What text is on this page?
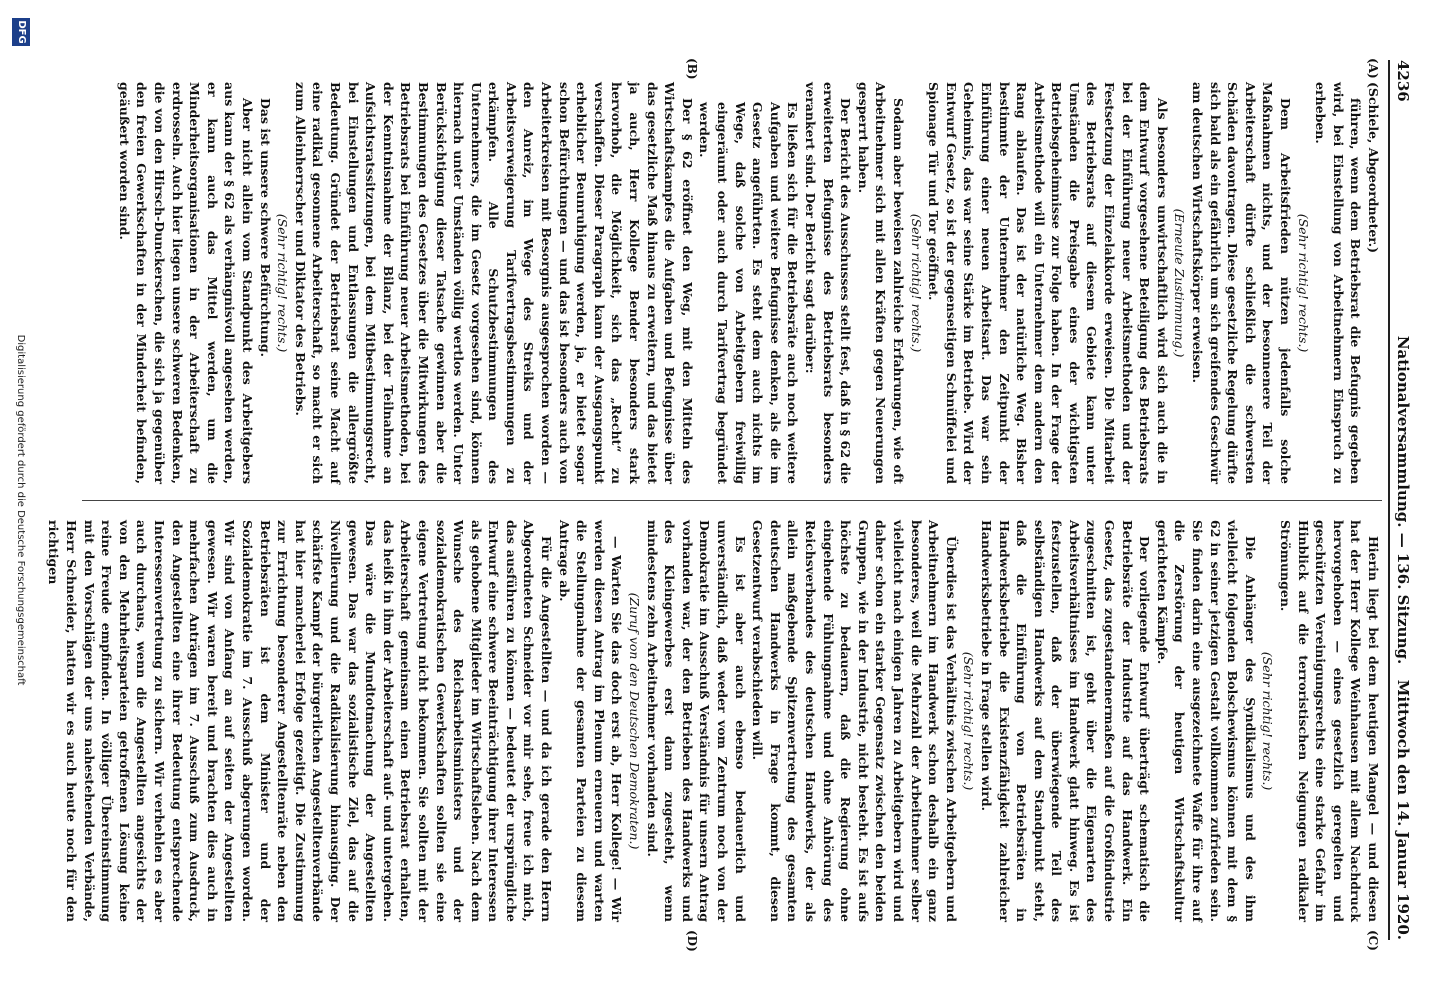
4236
Nationalversammlung. — 136. Sitzung.
Mittwoch den 14. Januar 1920.
(A)
(B)
(C)
(D)

(Schiele, Abgeordneter.)

führen, wenn dem Betriebsrat die Befugnis gegeben wird, bei Einstellung von Arbeitnehmern Einspruch zu erheben.

(Sehr richtig! rechts.)

Dem Arbeitsfrieden nützen jedenfalls solche Maßnahmen nichts, und der besonnenere Teil der Arbeiterschaft dürfte schließlich die schwersten Schäden davontragen. Diese gesetzliche Regelung dürfte sich bald als ein gefährlich um sich greifendes Geschwür am deutschen Wirtschaftskörper erweisen.

(Erneute Zustimmung.)

Als besonders unwirtschaftlich wird sich auch die in dem Entwurf vorgesehene Beteiligung des Betriebsrats bei der Einführung neuer Arbeitsmethoden und der Festsetzung der Einzelakkorde erweisen. Die Mitarbeit des Betriebsrats auf diesem Gebiete kann unter Umständen die Preisgabe eines der wichtigsten Betriebsgeheimnisse zur Folge haben. In der Frage der Arbeitsmethode will ein Unternehmer dem andern den Rang ablaufen. Das ist der natürliche Weg. Bisher bestimmte der Unternehmer den Zeitpunkt der Einführung einer neuen Arbeitsart. Das war sein Geheimnis, das war seine Stärke im Betriebe. Wird der Entwurf Gesetz, so ist der gegenseitigen Schnüffelei und Spionage Tür und Tor geöffnet.

(Sehr richtig! rechts.)

Sodann aber beweisen zahlreiche Erfahrungen, wie oft Arbeitnehmer sich mit allen Kräften gegen Neuerungen gesperrt haben.

Der Bericht des Ausschusses stellt fest, daß in § 62 die erweiterten Befugnisse des Betriebsrats besonders verankert sind. Der Bericht sagt darüber:

Es ließen sich für die Betriebsräte auch noch weitere Aufgaben und weitere Befugnisse denken, als die im Gesetz angeführten. Es steht dem auch nichts im Wege, daß solche von Arbeitgebern freiwillig eingeräumt oder auch durch Tarifvertrag begründet werden.

Der § 62 eröffnet den Weg, mit den Mitteln des Wirtschaftskampfes die Aufgaben und Befugnisse über das gesetzliche Maß hinaus zu erweitern, und das bietet ja auch, Herr Kollege Bender besonders stark hervorhob, die Möglichkeit, sich das „Recht“ zu verschaffen. Dieser Paragraph kann der Ausgangspunkt erheblicher Beunruhigung werden, ja, er bietet sogar schon Befürchtungen — und das ist besonders auch von Arbeiterkreisen mit Besorgnis ausgesprochen worden — den Anreiz, im Wege des Streiks und der Arbeitsverweigerung Tarifvertragsbestimmungen zu erkämpfen. Alle Schutzbestimmungen des Unternehmers, die im Gesetz vorgesehen sind, können hiernach unter Umständen völlig wertlos werden. Unter Berücksichtigung dieser Tatsache gewinnen aber die Bestimmungen des Gesetzes über die Mitwirkungen des Betriebsrats bei Einführung neuer Arbeitsmethoden, bei der Kenntnisnahme der Bilanz, bei der Teilnahme an Aufsichtsratssitzungen, bei dem Mitbestimmungsrecht, bei Einstellungen und Entlassungen die allergrößte Bedeutung. Gründet der Betriebsrat seine Macht auf eine radikal gesonnene Arbeiterschaft, so macht er sich zum Alleinherrscher und Diktator des Betriebs.

(Sehr richtig! rechts.)

Das ist unsere schwere Befürchtung.

Aber nicht allein vom Standpunkt des Arbeitgebers aus kann der § 62 als verhängnisvoll angesehen werden, er kann auch das Mittel werden, um die Minderheitsorganisationen in der Arbeiterschaft zu erdrosseln. Auch hier liegen unsere schweren Bedenken, die von den Hirsch-Dunckerschen, die sich ja gegenüber den freien Gewerkschaften in der Minderheit befinden, geäußert worden sind.

Hierin liegt bei dem heutigen Mangel — und diesen hat der Herr Kollege Weinhausen mit allem Nachdruck hervorgehoben — eines gesetzlich geregelten und geschützten Vereinigungsrechts eine starke Gefahr im Hinblick auf die terroristischen Neigungen radikaler Strömungen.

(Sehr richtig! rechts.)

Die Anhänger des Syndikalismus und des ihm vielleicht folgenden Bolschewismus können mit dem § 62 in seiner jetzigen Gestalt vollkommen zufrieden sein. Sie finden darin eine ausgezeichnete Waffe für ihre auf die Zerstörung der heutigen Wirtschaftskultur gerichteten Kämpfe.

Der vorliegende Entwurf überträgt schematisch die Betriebsräte der Industrie auf das Handwerk. Ein Gesetz, das zugestandenermaßen auf die Großindustrie zugeschnitten ist, geht über die Eigenarten des Arbeitsverhältnisses im Handwerk glatt hinweg. Es ist festzustellen, daß der überwiegende Teil des selbständigen Handwerks auf dem Standpunkt steht, daß die Einführung von Betriebsräten in Handwerksbetriebe die Existenzfähigkeit zahlreicher Handwerksbetriebe in Frage stellen wird.

(Sehr richtig! rechts.)

Überdies ist das Verhältnis zwischen Arbeitgebern und Arbeitnehmern im Handwerk schon deshalb ein ganz besonderes, weil die Mehrzahl der Arbeitnehmer selber vielleicht nach einigen Jahren zu Arbeitgebern wird und daher schon ein starker Gegensatz zwischen den beiden Gruppen, wie in der Industrie, nicht besteht. Es ist aufs höchste zu bedauern, daß die Regierung ohne eingehende Fühlungnahme und ohne Anhörung des Reichsverbandes des deutschen Handwerks, der als allein maßgebende Spitzenvertretung des gesamten deutschen Handwerks in Frage kommt, diesen Gesetzentwurf verabschieden will.

Es ist aber auch ebenso bedauerlich und unverständlich, daß weder vom Zentrum noch von der Demokratie im Ausschuß Verständnis für unsern Antrag vorhanden war, der den Betrieben des Handwerks und des Kleingewerbes erst dann zugesteht, wenn mindestens zehn Arbeitnehmer vorhanden sind.

(Zuruf von den Deutschen Demokraten.)

— Warten Sie das doch erst ab, Herr Kollege! — Wir werden diesen Antrag im Plenum erneuern und warten die Stellungnahme der gesamten Parteien zu diesem Antrage ab.

Für die Angestellten — und da ich gerade den Herrn Abgeordneten Schneider vor mir sehe, freue ich mich, das ausführen zu können — bedeutet der ursprüngliche Entwurf eine schwere Beeinträchtigung ihrer Interessen als gehobene Mitglieder im Wirtschaftsleben. Nach dem Wunsche des Reichsarbeitsministers und der sozialdemokratischen Gewerkschaften sollten sie eine eigene Vertretung nicht bekommen. Sie sollten mit der Arbeiterschaft gemeinsam einen Betriebsrat erhalten, das heißt in ihm der Arbeiterschaft auf- und untergehen. Das wäre die Mundtotmachung der Angestellten gewesen. Das war das sozialistische Ziel, das auf die Nivellierung und die Radikalisierung hinausging. Der schärfste Kampf der bürgerlichen Angestelltenverbände hat hier mancherlei Erfolge gezeitigt. Die Zustimmung zur Errichtung besonderer Angestelltenräte neben den Betriebsräten ist dem Minister und der Sozialdemokratie im 7. Ausschuß abgerungen worden. Wir sind von Anfang an auf seiten der Angestellten gewesen. Wir waren bereit und brachten dies auch in mehrfachen Anträgen im 7. Ausschuß zum Ausdruck, den Angestellten eine ihrer Bedeutung entsprechende Interessenvertretung zu sichern. Wir verhehlen es aber auch durchaus, wenn die Angestellten angesichts der von den Mehrheitsparteien getroffenen Lösung keine reine Freude empfinden. In völliger Übereinstimmung mit den Vorschlägen der uns nahestehenden Verbände, Herr Schneider, hatten wir es auch heute noch für den richtigen

DFG
Digitalisierung gefördert durch die Deutsche Forschungsgemeinschaft
